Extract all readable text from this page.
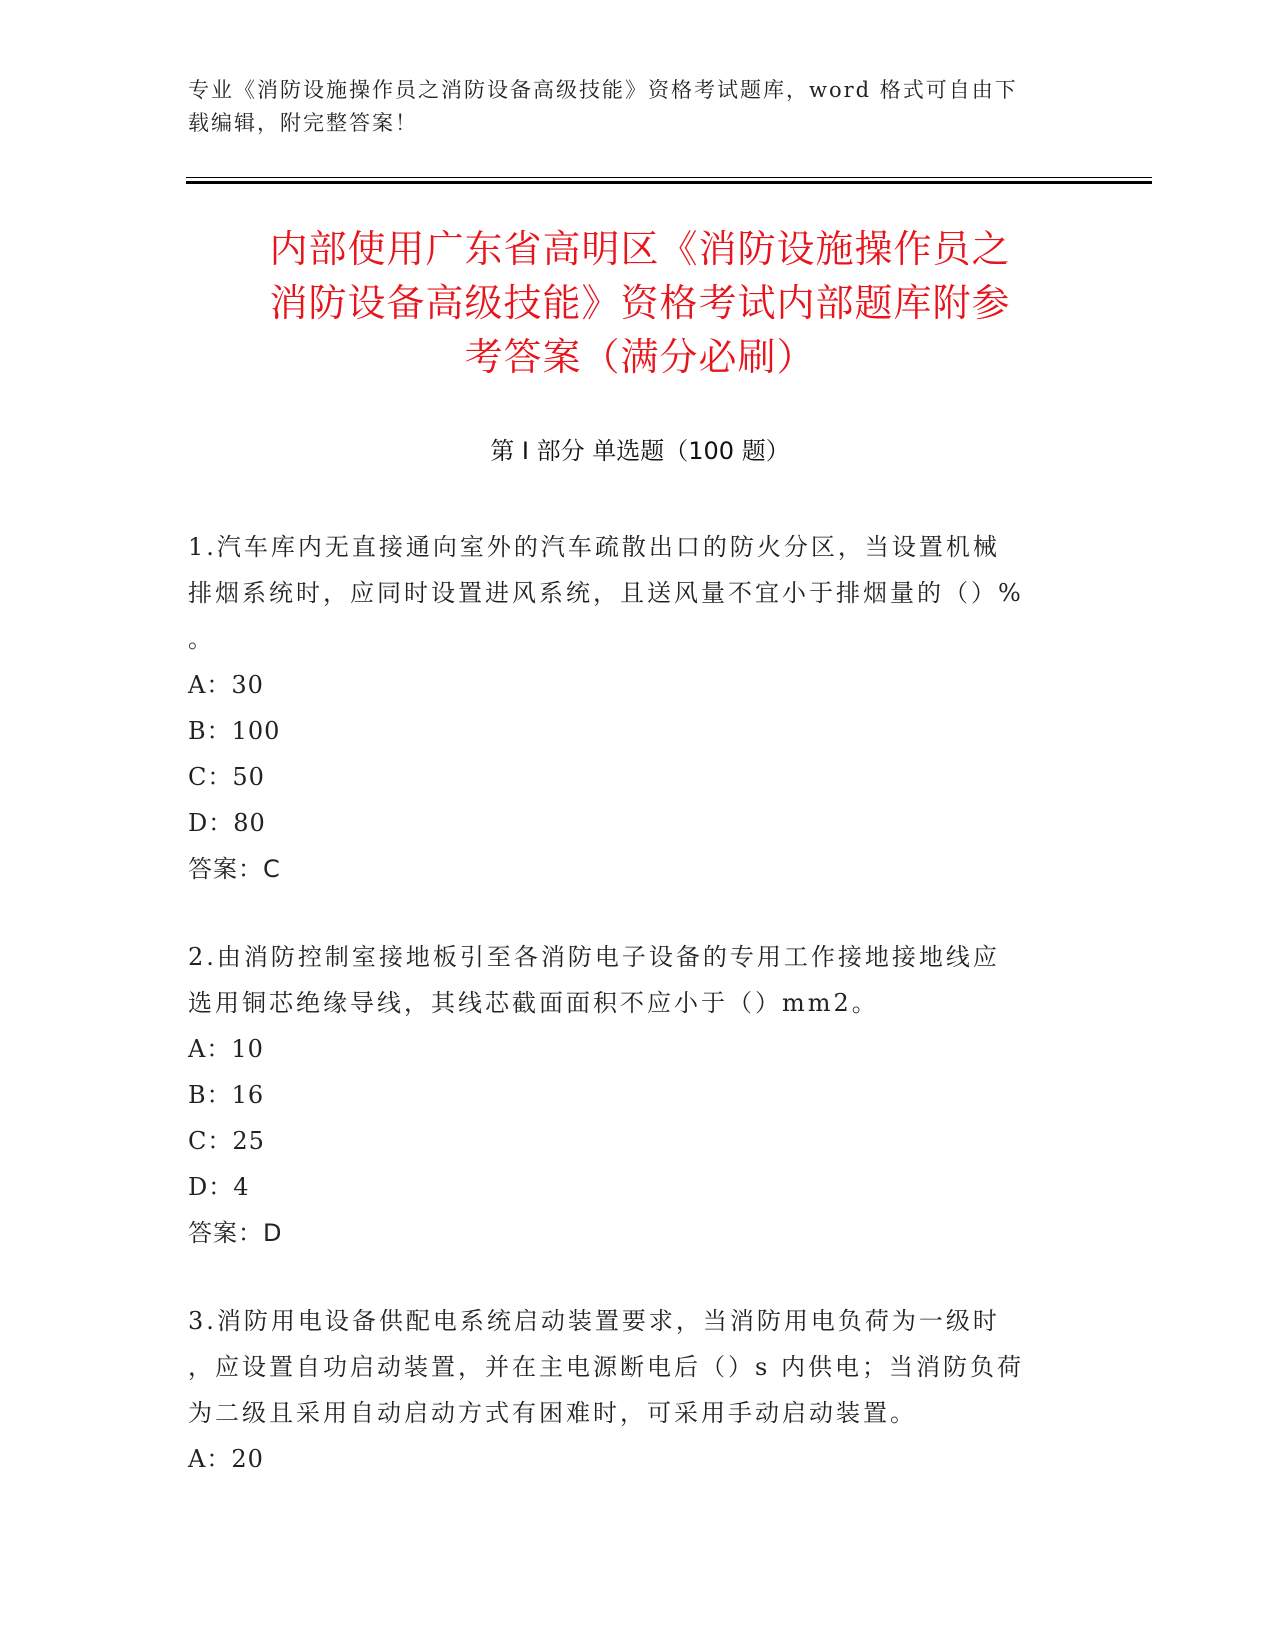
专业《消防设施操作员之消防设备高级技能》资格考试题库，word 格式可自由下
载编辑，附完整答案！
内部使用广东省高明区《消防设施操作员之
消防设备高级技能》资格考试内部题库附参
考答案（满分必刷）
第 I 部分 单选题（100 题）
1.汽车库内无直接通向室外的汽车疏散出口的防火分区，当设置机械
排烟系统时，应同时设置进风系统，且送风量不宜小于排烟量的（）%
。
A：30
B：100
C：50
D：80
答案：C
2.由消防控制室接地板引至各消防电子设备的专用工作接地接地线应
选用铜芯绝缘导线，其线芯截面面积不应小于（）mm2。
A：10
B：16
C：25
D：4
答案：D
3.消防用电设备供配电系统启动装置要求，当消防用电负荷为一级时
，应设置自功启动装置，并在主电源断电后（）s 内供电；当消防负荷
为二级且采用自动启动方式有困难时，可采用手动启动装置。
A：20
